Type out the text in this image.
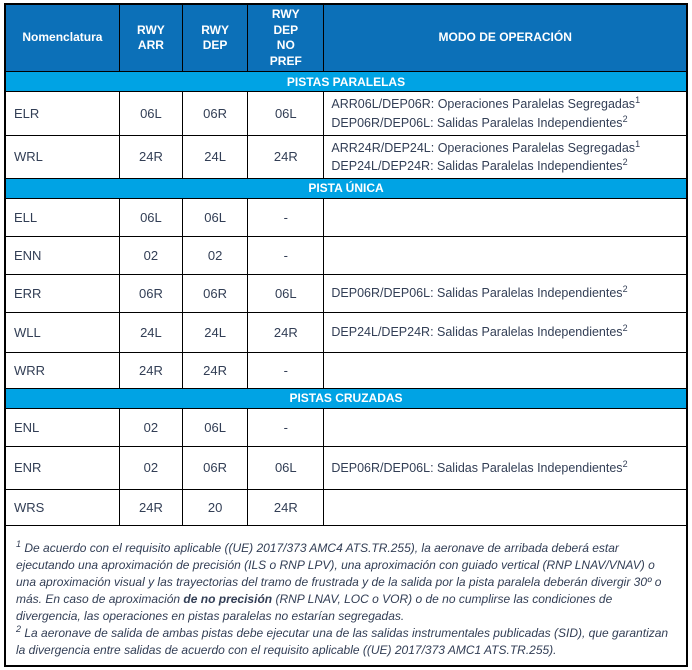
Nomenclatura	RWY ARR	RWY DEP	RWY DEP NO PREF	MODO DE OPERACIÓN
PISTAS PARALELAS				
ELR	06L	06R	06L	ARR06L/DEP06R: Operaciones Paralelas Segregadas$^1$
DEP06R/DEP06L: Salidas Paralelas Independientes$^2$

WRL	24R	24L	24R	ARR24R/DEP24L: Operaciones Paralelas Segregadas$^1$
DEP24L/DEP24R: Salidas Paralelas Independientes$^2$

PISTA ÚNICA				
ELL	06L	06L	-	
ENN	02	02	-	
ERR	06R	06R	06L	DEP06R/DEP06L: Salidas Paralelas Independientes$^2$

WLL	24L	24L	24R	DEP24L/DEP24R: Salidas Paralelas Independientes$^2$

WRR	24R	24R	-	
PISTAS CRUZADAS				
ENL	02	06L	-	
ENR	02	06R	06L	DEP06R/DEP06L: Salidas Paralelas Independientes$^2$

WRS	24R	20	24R	

$^1$ De acuerdo con el requisito aplicable ((UE) 2017/373 AMC4 ATS.TR.255), la aeronave de arribada deberá estar ejecutando una aproximación de precisión (ILS o RNP LPV), una aproximación con guiado vertical (RNP LNAV/VNAV) o una aproximación visual y las trayectorias del tramo de frustrada y de la salida por la pista paralela deberán divergir 30º o más. En caso de aproximación de no precisión (RNP LNAV, LOC o VOR) o de no cumplirse las condiciones de divergencia, las operaciones en pistas paralelas no estarían segregadas.

$^2$ La aeronave de salida de ambas pistas debe ejecutar una de las salidas instrumentales publicadas (SID), que garantizan la divergencia entre salidas de acuerdo con el requisito aplicable ((UE) 2017/373 AMC1 ATS.TR.255).				
